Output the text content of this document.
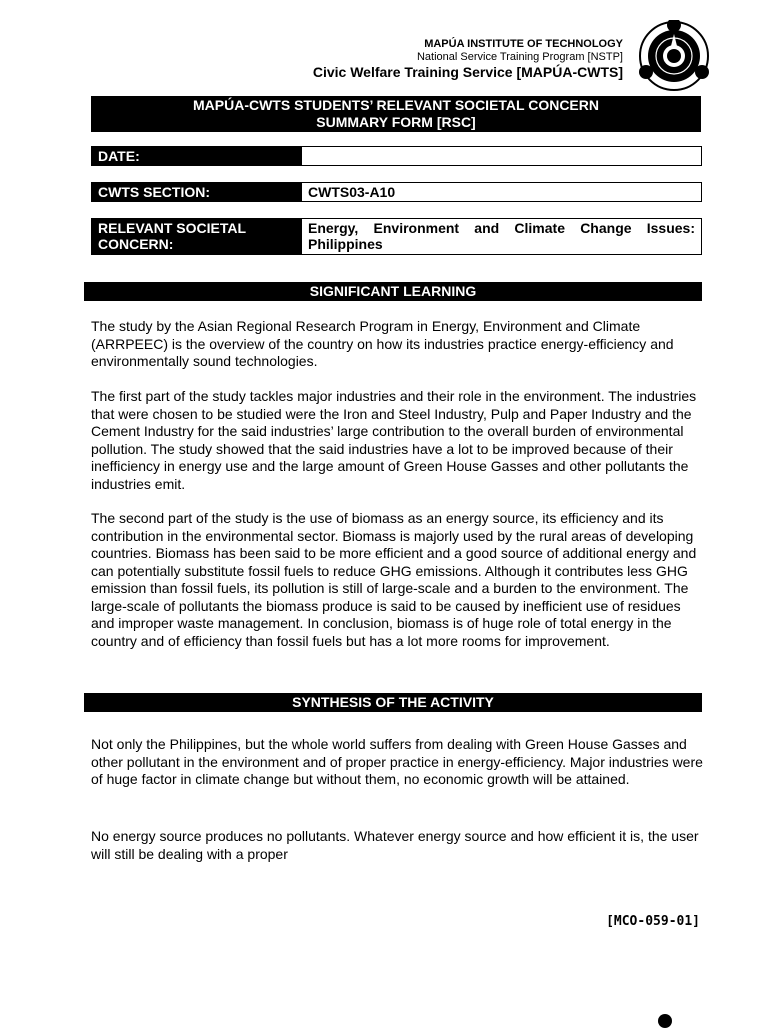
MAPÚA INSTITUTE OF TECHNOLOGY
National Service Training Program [NSTP]
Civic Welfare Training Service [MAPÚA-CWTS]
MAPÚA-CWTS STUDENTS’ RELEVANT SOCIETAL CONCERN
SUMMARY FORM [RSC]
DATE:
CWTS SECTION:	CWTS03-A10
RELEVANT SOCIETAL
CONCERN:
Energy, Environment and Climate Change Issues: Philippines
SIGNIFICANT LEARNING
The study by the Asian Regional Research Program in Energy, Environment and Climate (ARRPEEC) is the overview of the country on how its industries practice energy-efficiency and environmentally sound technologies.
The first part of the study tackles major industries and their role in the environment. The industries that were chosen to be studied were the Iron and Steel Industry, Pulp and Paper Industry and the Cement Industry for the said industries’ large contribution to the overall burden of environmental pollution. The study showed that the said industries have a lot to be improved because of their inefficiency in energy use and the large amount of Green House Gasses and other pollutants the industries emit.
The second part of the study is the use of biomass as an energy source, its efficiency and its contribution in the environmental sector. Biomass is majorly used by the rural areas of developing countries. Biomass has been said to be more efficient and a good source of additional energy and can potentially substitute fossil fuels to reduce GHG emissions. Although it contributes less GHG emission than fossil fuels, its pollution is still of large-scale and a burden to the environment. The large-scale of pollutants the biomass produce is said to be caused by inefficient use of residues and improper waste management. In conclusion, biomass is of huge role of total energy in the country and of efficiency than fossil fuels but has a lot more rooms for improvement.
SYNTHESIS OF THE ACTIVITY
Not only the Philippines, but the whole world suffers from dealing with Green House Gasses and other pollutant in the environment and of proper practice in energy-efficiency. Major industries were of huge factor in climate change but without them, no economic growth will be attained.
No energy source produces no pollutants. Whatever energy source and how efficient it is, the user will still be dealing with a proper
[MCO-059-01]
